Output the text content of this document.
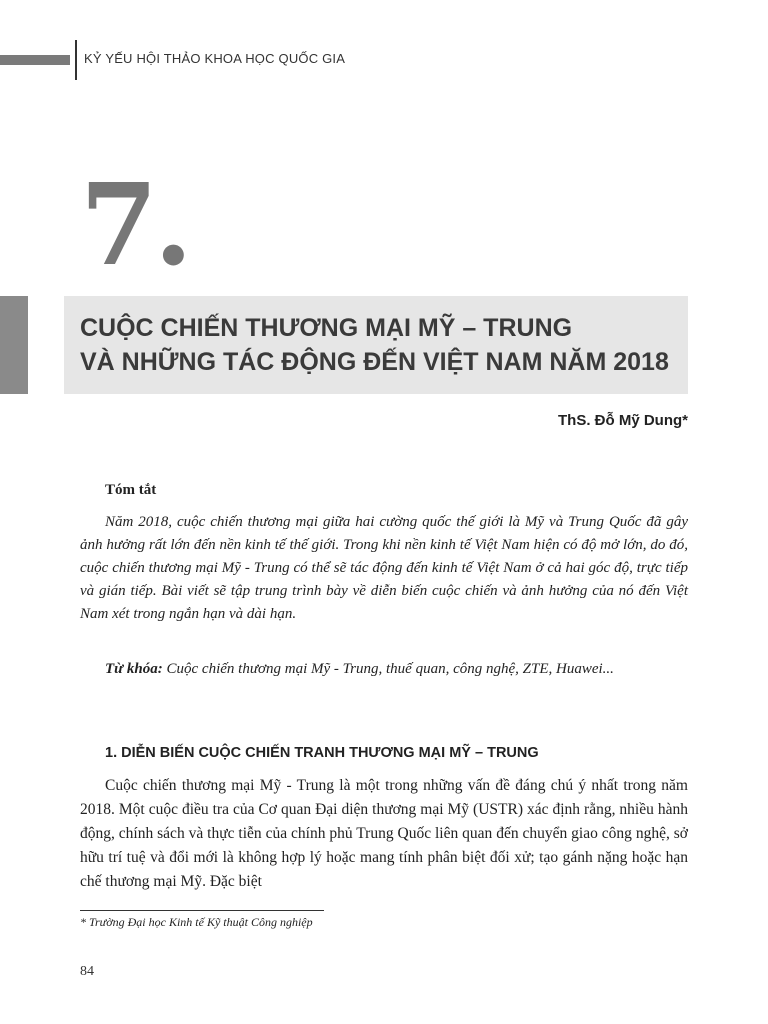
KỶ YẾU HỘI THẢO KHOA HỌC QUỐC GIA
7.
CUỘC CHIẾN THƯƠNG MẠI MỸ – TRUNG
VÀ NHỮNG TÁC ĐỘNG ĐẾN VIỆT NAM NĂM 2018
ThS. Đỗ Mỹ Dung*
Tóm tắt
Năm 2018, cuộc chiến thương mại giữa hai cường quốc thế giới là Mỹ và Trung Quốc đã gây ảnh hưởng rất lớn đến nền kinh tế thế giới. Trong khi nền kinh tế Việt Nam hiện có độ mở lớn, do đó, cuộc chiến thương mại Mỹ - Trung có thể sẽ tác động đến kinh tế Việt Nam ở cả hai góc độ, trực tiếp và gián tiếp. Bài viết sẽ tập trung trình bày về diễn biến cuộc chiến và ảnh hưởng của nó đến Việt Nam xét trong ngắn hạn và dài hạn.
Từ khóa: Cuộc chiến thương mại Mỹ - Trung, thuế quan, công nghệ, ZTE, Huawei...
1. DIỄN BIẾN CUỘC CHIẾN TRANH THƯƠNG MẠI MỸ – TRUNG
Cuộc chiến thương mại Mỹ - Trung là một trong những vấn đề đáng chú ý nhất trong năm 2018. Một cuộc điều tra của Cơ quan Đại diện thương mại Mỹ (USTR) xác định rằng, nhiều hành động, chính sách và thực tiễn của chính phủ Trung Quốc liên quan đến chuyển giao công nghệ, sở hữu trí tuệ và đổi mới là không hợp lý hoặc mang tính phân biệt đối xử; tạo gánh nặng hoặc hạn chế thương mại Mỹ. Đặc biệt
* Trường Đại học Kinh tế Kỹ thuật Công nghiệp
84
